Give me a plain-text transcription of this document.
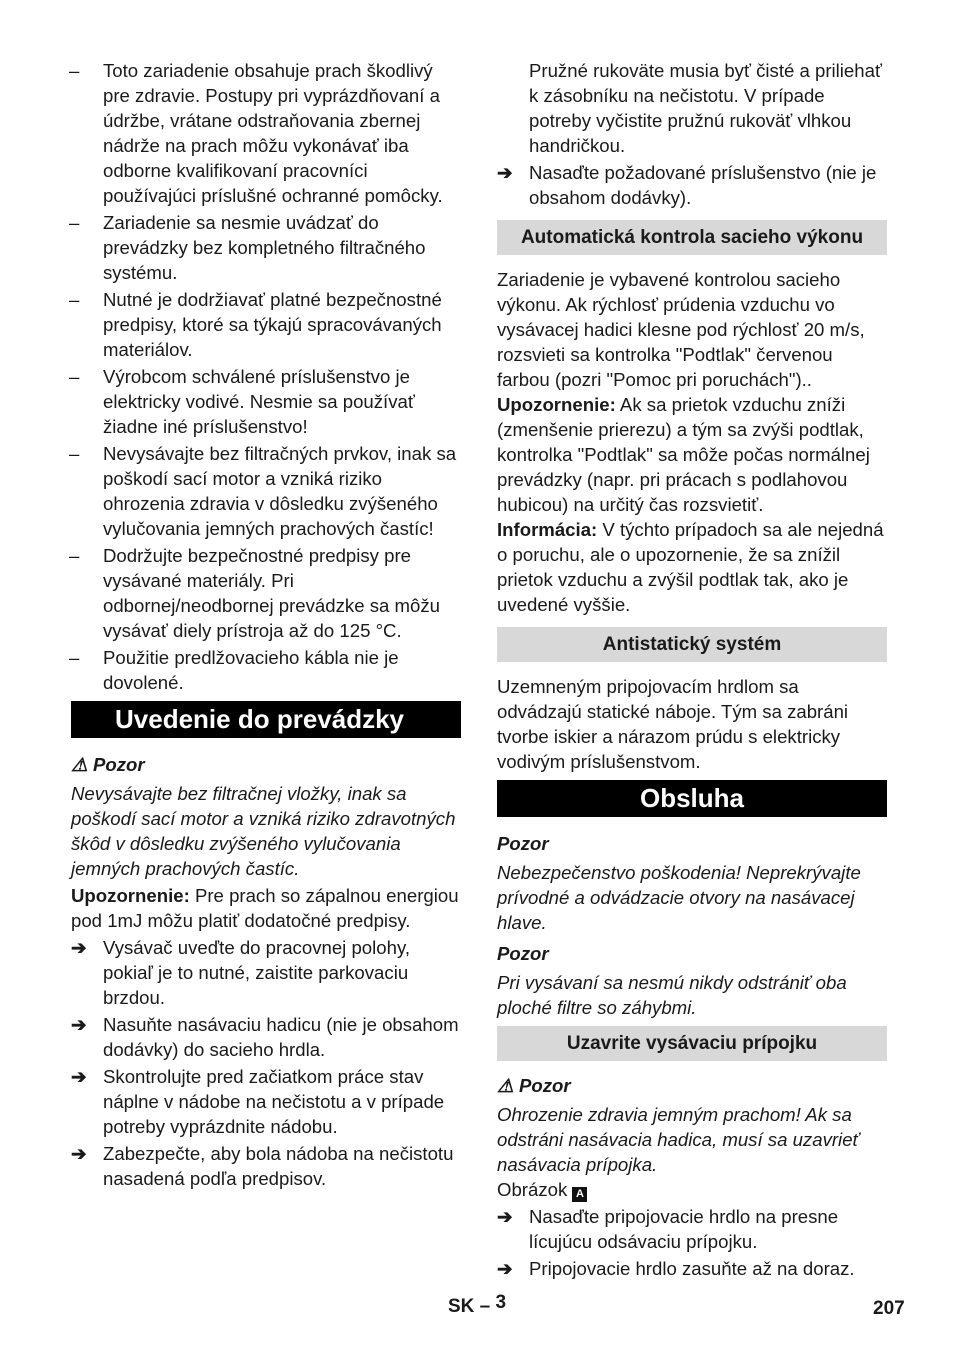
– Toto zariadenie obsahuje prach škodlivý pre zdravie. Postupy pri vyprázdňovaní a údržbe, vrátane odstraňovania zbernej nádrže na prach môžu vykonávať iba odborne kvalifikovaní pracovníci používajúci príslušné ochranné pomôcky.

– Zariadenie sa nesmie uvádzať do prevádzky bez kompletného filtračného systému.

– Nutné je dodržiavať platné bezpečnostné predpisy, ktoré sa týkajú spracovávaných materiálov.

– Výrobcom schválené príslušenstvo je elektricky vodivé. Nesmie sa používať žiadne iné príslušenstvo!

– Nevysávajte bez filtračných prvkov, inak sa poškodí sací motor a vzniká riziko ohrozenia zdravia v dôsledku zvýšeného vylučovania jemných prachových častíc!

– Dodržujte bezpečnostné predpisy pre vysávané materiály. Pri odbornej/neodbornej prevádzke sa môžu vysávať diely prístroja až do 125 °C.

– Použitie predlžovacieho kábla nie je dovolené.

Uvedenie do prevádzky

⚠ Pozor

Nevysávajte bez filtračnej vložky, inak sa poškodí sací motor a vzniká riziko zdravotných škôd v dôsledku zvýšeného vylučovania jemných prachových častíc.

Upozornenie: Pre prach so zápalnou energiou pod 1mJ môžu platiť dodatočné predpisy.

➔ Vysávač uveďte do pracovnej polohy, pokiaľ je to nutné, zaistite parkovaciu brzdou.

➔ Nasuňte nasávaciu hadicu (nie je obsahom dodávky) do sacieho hrdla.

➔ Skontrolujte pred začiatkom práce stav náplne v nádobe na nečistotu a v prípade potreby vyprázdnite nádobu.

➔ Zabezpečte, aby bola nádoba na nečistotu nasadená podľa predpisov.

Pružné rukoväte musia byť čisté a priliehať k zásobníku na nečistotu. V prípade potreby vyčistite pružnú rukoväť vlhkou handričkou.

➔ Nasaďte požadované príslušenstvo (nie je obsahom dodávky).

Automatická kontrola sacieho výkonu

Zariadenie je vybavené kontrolou sacieho výkonu. Ak rýchlosť prúdenia vzduchu vo vysávacej hadici klesne pod rýchlosť 20 m/s, rozsvieti sa kontrolka "Podtlak" červenou farbou (pozri "Pomoc pri poruchách")..

Upozornenie: Ak sa prietok vzduchu zníži (zmenšenie prierezu) a tým sa zvýši podtlak, kontrolka "Podtlak" sa môže počas normálnej prevádzky (napr. pri prácach s podlahovou hubicou) na určitý čas rozsvietiť.

Informácia: V týchto prípadoch sa ale nejedná o poruchu, ale o upozornenie, že sa znížil prietok vzduchu a zvýšil podtlak tak, ako je uvedené vyššie.

Antistatický systém

Uzemneným pripojovacím hrdlom sa odvádzajú statické náboje. Tým sa zabráni tvorbe iskier a nárazom prúdu s elektricky vodivým príslušenstvom.

Obsluha

Pozor

Nebezpečenstvo poškodenia! Neprekrývajte prívodné a odvádzacie otvory na nasávacej hlave.

Pozor

Pri vysávaní sa nesmú nikdy odstrániť oba ploché filtre so záhybmi.

Uzavrite vysávaciu prípojku

⚠ Pozor

Ohrozenie zdravia jemným prachom! Ak sa odstráni nasávacia hadica, musí sa uzavrieť nasávacia prípojka.

Obrázok A

➔ Nasaďte pripojovacie hrdlo na presne lícujúcu odsávaciu prípojku.

➔ Pripojovacie hrdlo zasuňte až na doraz.

SK – 3	207
